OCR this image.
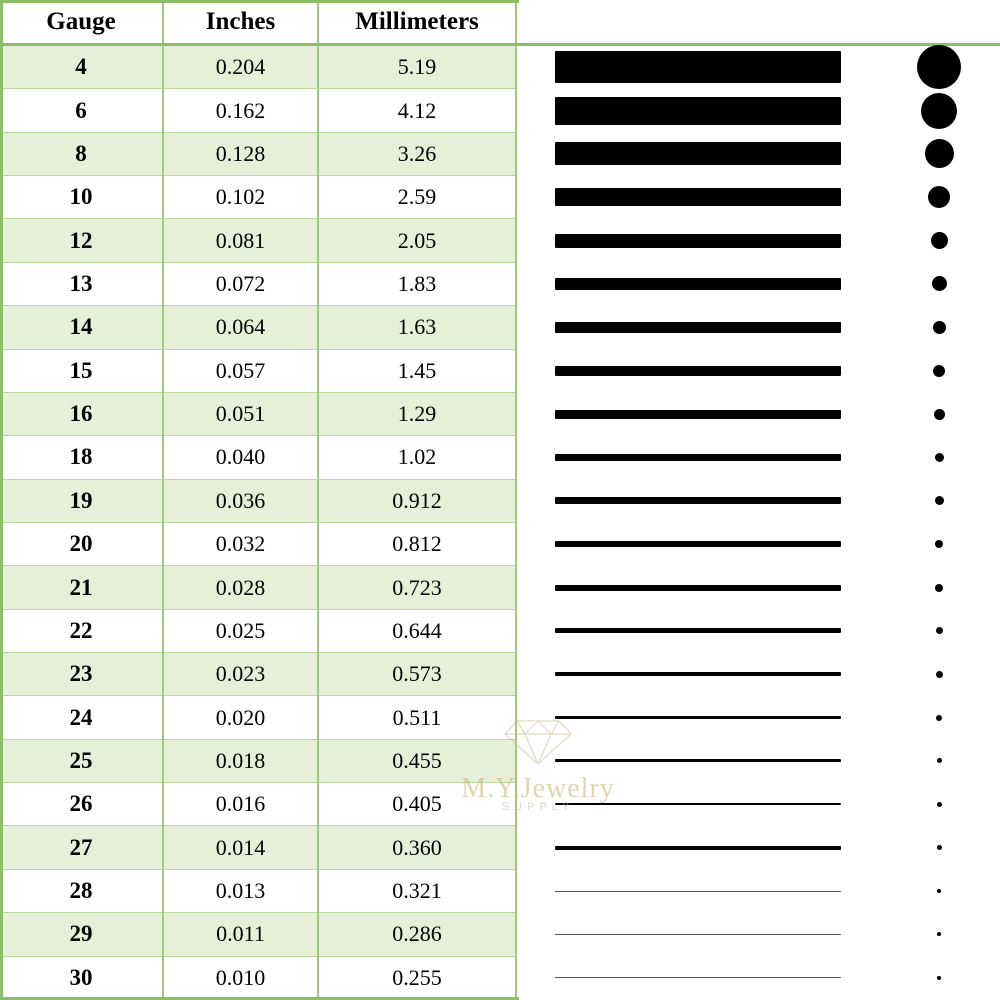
Gauge	Inches	Millimeters		
4	0.204	5.19	

6	0.162	4.12	

8	0.128	3.26	

10	0.102	2.59	

12	0.081	2.05	

13	0.072	1.83	

14	0.064	1.63	

15	0.057	1.45	

16	0.051	1.29	

18	0.040	1.02	

19	0.036	0.912	

20	0.032	0.812	

21	0.028	0.723	

22	0.025	0.644	

23	0.023	0.573	

24	0.020	0.511	

25	0.018	0.455	

26	0.016	0.405	

27	0.014	0.360	

28	0.013	0.321	

29	0.011	0.286	

30	0.010	0.255	

M.Y.Jewelry
SUPPLY
